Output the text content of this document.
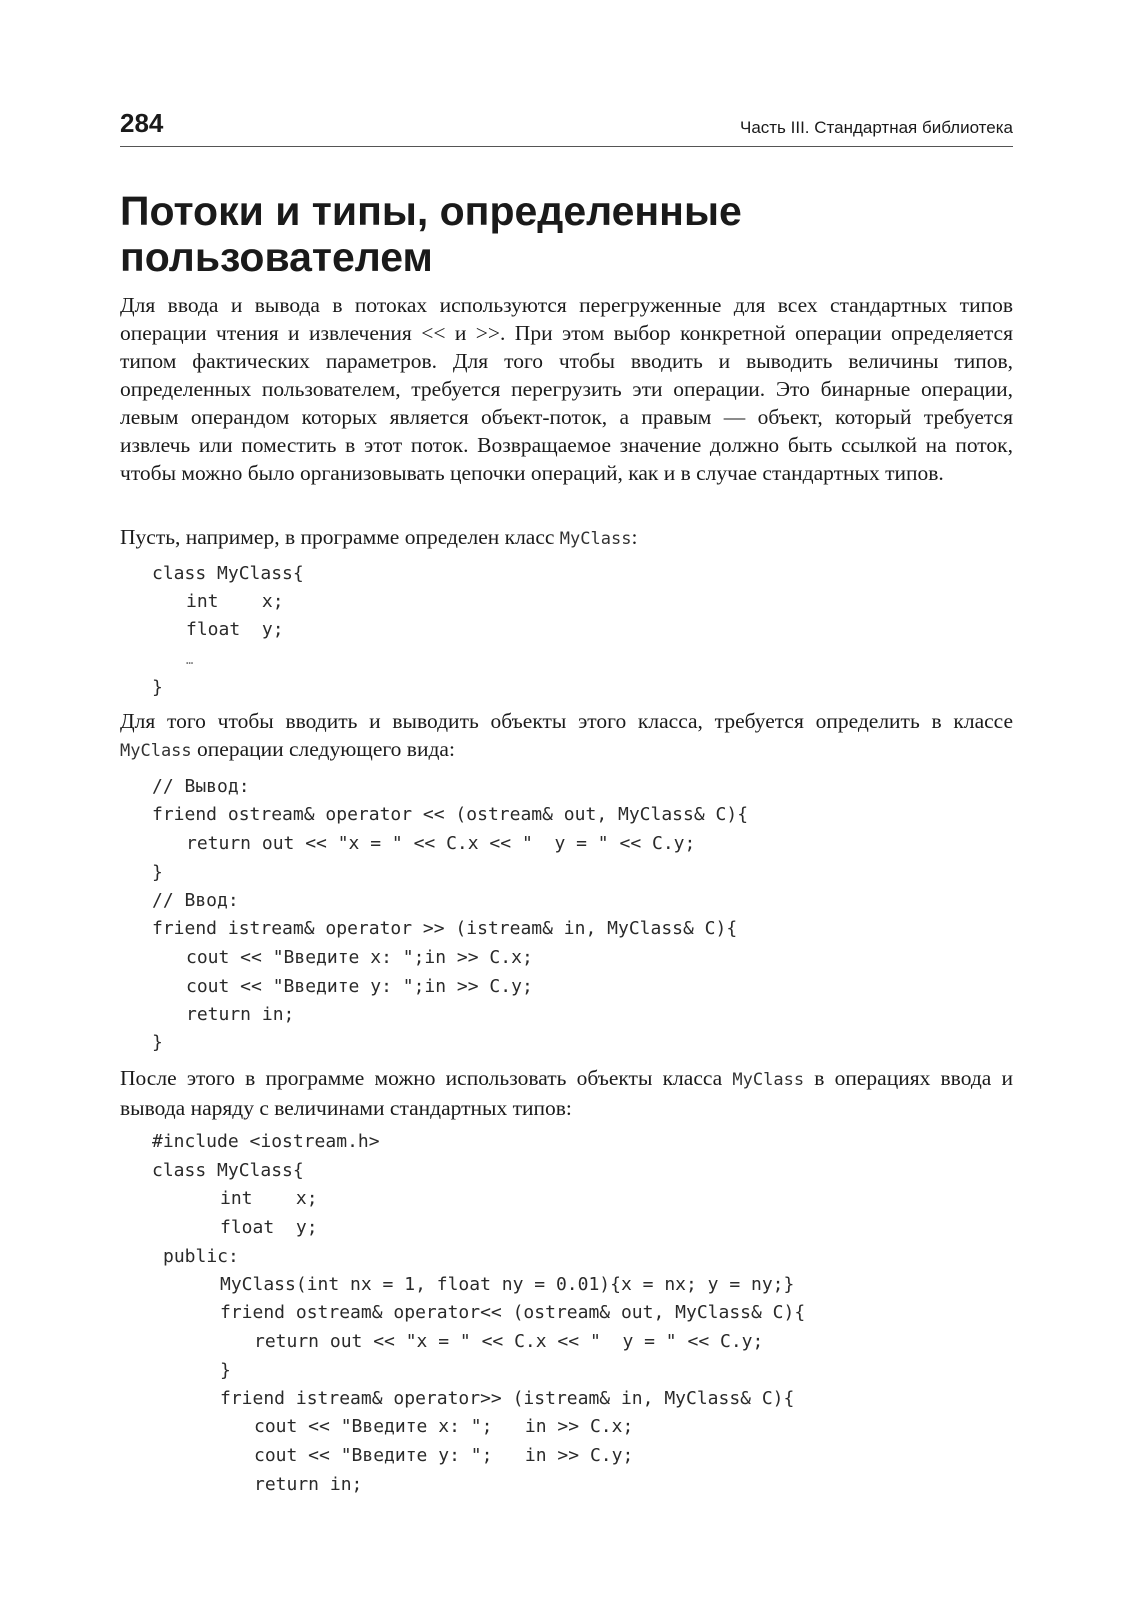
284	Часть III. Стандартная библиотека
Потоки и типы, определенные
пользователем

Для ввода и вывода в потоках используются перегруженные для всех стандартных типов операции чтения и извлечения << и >>. При этом выбор конкретной операции определяется типом фактических параметров. Для того чтобы вводить и выводить величины типов, определенных пользователем, требуется перегрузить эти операции. Это бинарные операции, левым операндом которых является объект-поток, а правым — объект, который требуется извлечь или поместить в этот поток. Возвращаемое значение должно быть ссылкой на поток, чтобы можно было организовывать цепочки операций, как и в случае стандартных типов.

Пусть, например, в программе определен класс MyClass:

class MyClass{
int    x;
float  y;
…
}

Для того чтобы вводить и выводить объекты этого класса, требуется определить в классе MyClass операции следующего вида:

// Вывод:
friend ostream& operator << (ostream& out, MyClass& C){
return out << "x = " << C.x << "  y = " << C.y;
}
// Ввод:
friend istream& operator >> (istream& in, MyClass& C){
cout << "Введите x: ";in >> C.x;
cout << "Введите y: ";in >> C.y;
return in;
}

После этого в программе можно использовать объекты класса MyClass в операциях ввода и вывода наряду с величинами стандартных типов:

#include <iostream.h>
class MyClass{
int    x;
float  y;
public:
MyClass(int nx = 1, float ny = 0.01){x = nx; y = ny;}
friend ostream& operator<< (ostream& out, MyClass& C){
return out << "x = " << C.x << "  y = " << C.y;
}
friend istream& operator>> (istream& in, MyClass& C){
cout << "Введите x: ";   in >> C.x;
cout << "Введите y: ";   in >> C.y;
return in;
